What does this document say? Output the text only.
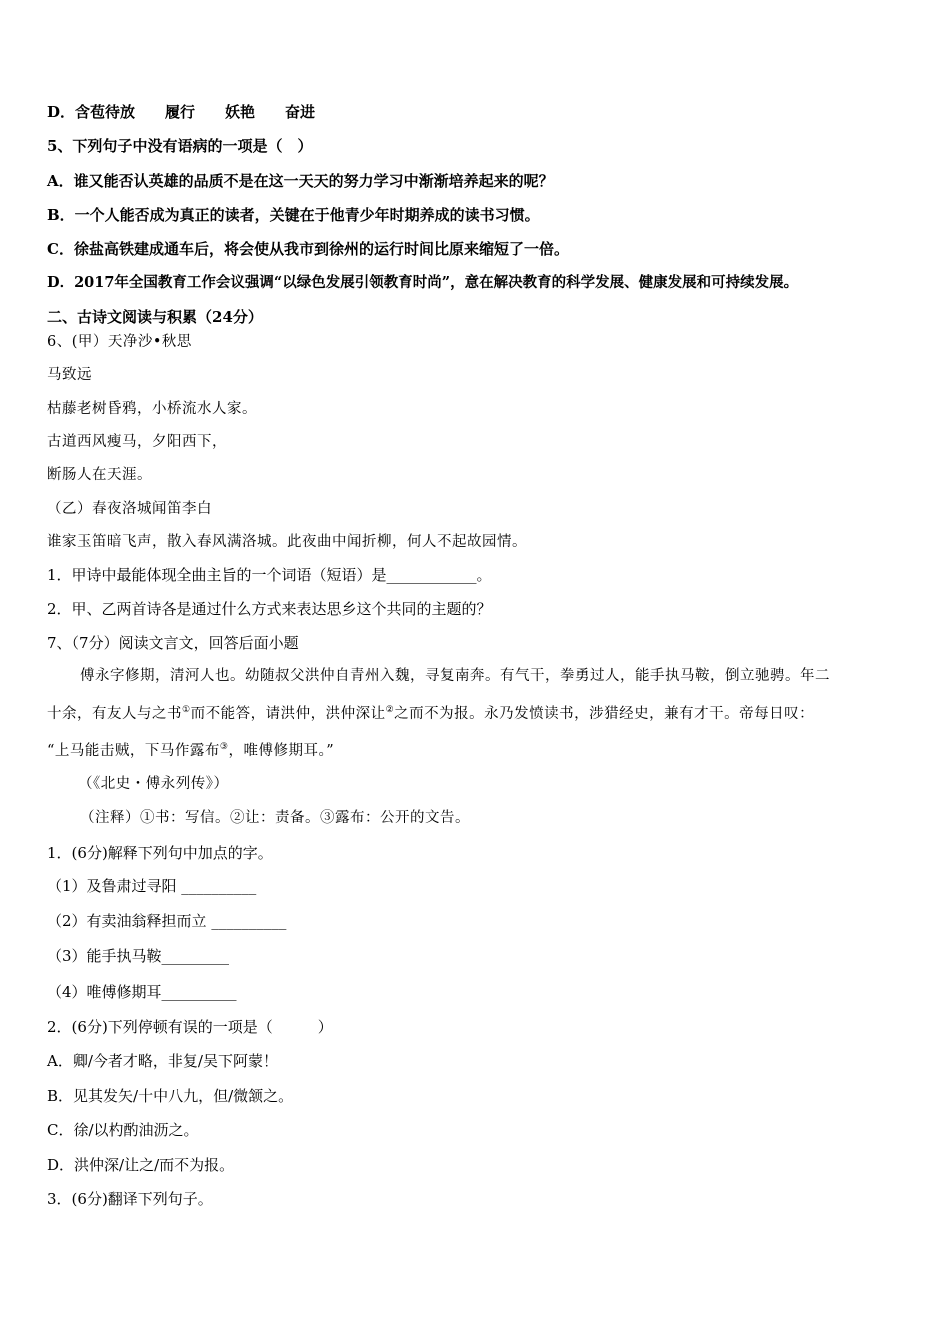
D．含苞待放　　履行　　妖艳　　奋进
5、下列句子中没有语病的一项是（　）
A．谁又能否认英雄的品质不是在这一天天的努力学习中渐渐培养起来的呢？
B．一个人能否成为真正的读者，关键在于他青少年时期养成的读书习惯。
C．徐盐高铁建成通车后，将会使从我市到徐州的运行时间比原来缩短了一倍。
D．2017年全国教育工作会议强调“以绿色发展引领教育时尚”，意在解决教育的科学发展、健康发展和可持续发展。
二、古诗文阅读与积累（24分）
6、(甲）天净沙•秋思
马致远
枯藤老树昏鸦，小桥流水人家。
古道西风瘦马，夕阳西下，
断肠人在天涯。
（乙）春夜洛城闻笛李白
谁家玉笛暗飞声，散入春风满洛城。此夜曲中闻折柳，何人不起故园情。
1．甲诗中最能体现全曲主旨的一个词语（短语）是____________。
2．甲、乙两首诗各是通过什么方式来表达思乡这个共同的主题的？
7、（7分）阅读文言文，回答后面小题
傅永字修期，清河人也。幼随叔父洪仲自青州入魏，寻复南奔。有气干，拳勇过人，能手执马鞍，倒立驰骋。年二
十余，有友人与之书①而不能答，请洪仲，洪仲深让②之而不为报。永乃发愤读书，涉猎经史，兼有才干。帝每日叹：
“上马能击贼，下马作露布③，唯傅修期耳。”
（《北史・傅永列传》）
（注释）①书：写信。②让：责备。③露布：公开的文告。
1．(6分)解释下列句中加点的字。
（1）及鲁肃过寻阳 __________
（2）有卖油翁释担而立 __________
（3）能手执马鞍_________
（4）唯傅修期耳__________
2．(6分)下列停顿有误的一项是（　　　）
A．卿/今者才略，非复/吴下阿蒙！
B．见其发矢/十中八九，但/微颔之。
C．徐/以杓酌油沥之。
D．洪仲深/让之/而不为报。
3．(6分)翻译下列句子。
